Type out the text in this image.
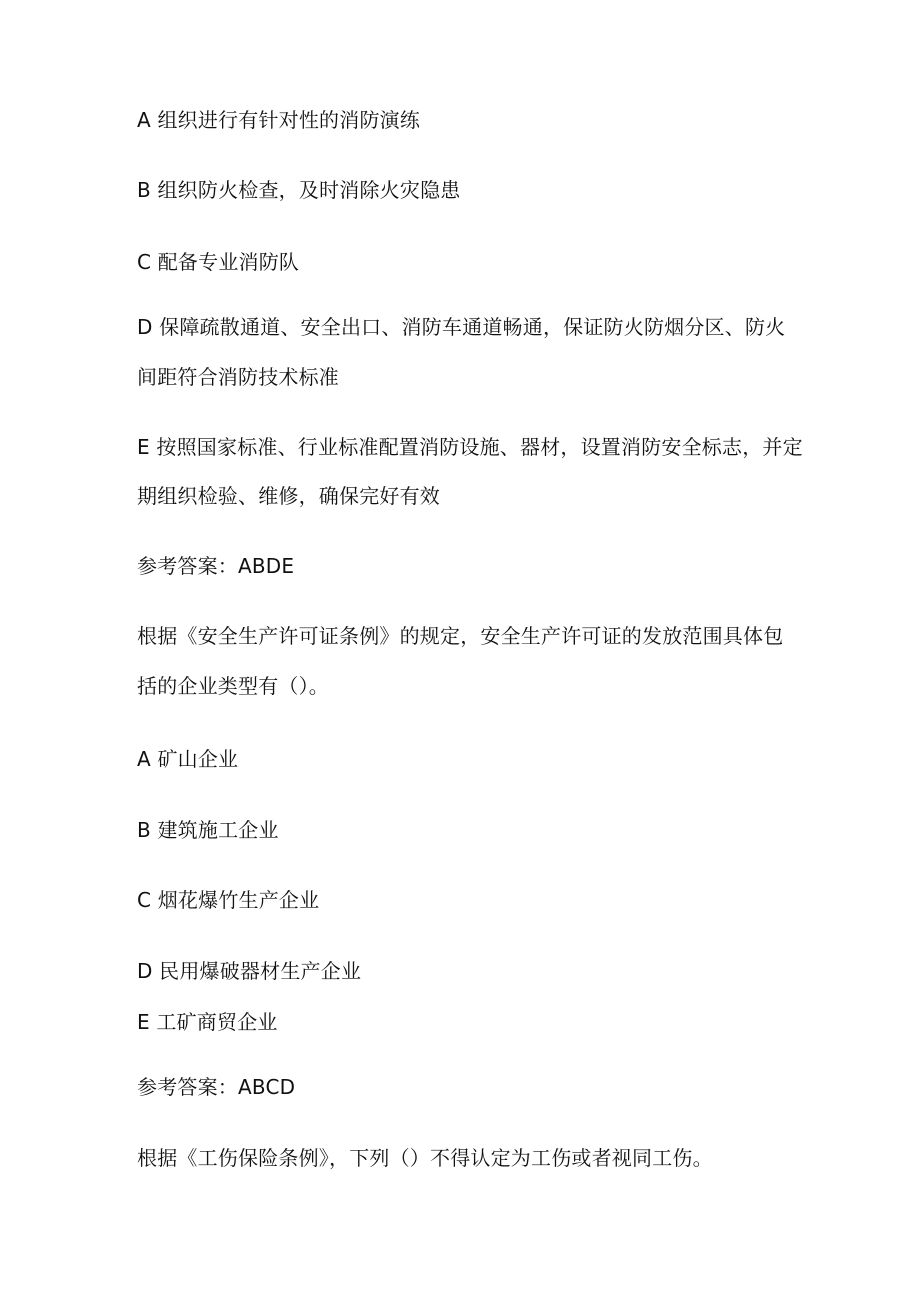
A 组织进行有针对性的消防演练
B 组织防火检查，及时消除火灾隐患
C 配备专业消防队
D 保障疏散通道、安全出口、消防车通道畅通，保证防火防烟分区、防火
间距符合消防技术标准
E 按照国家标准、行业标准配置消防设施、器材，设置消防安全标志，并定
期组织检验、维修，确保完好有效
参考答案：ABDE
根据《安全生产许可证条例》的规定，安全生产许可证的发放范围具体包
括的企业类型有（）。
A 矿山企业
B 建筑施工企业
C 烟花爆竹生产企业
D 民用爆破器材生产企业
E 工矿商贸企业
参考答案：ABCD
根据《工伤保险条例》，下列（）不得认定为工伤或者视同工伤。
